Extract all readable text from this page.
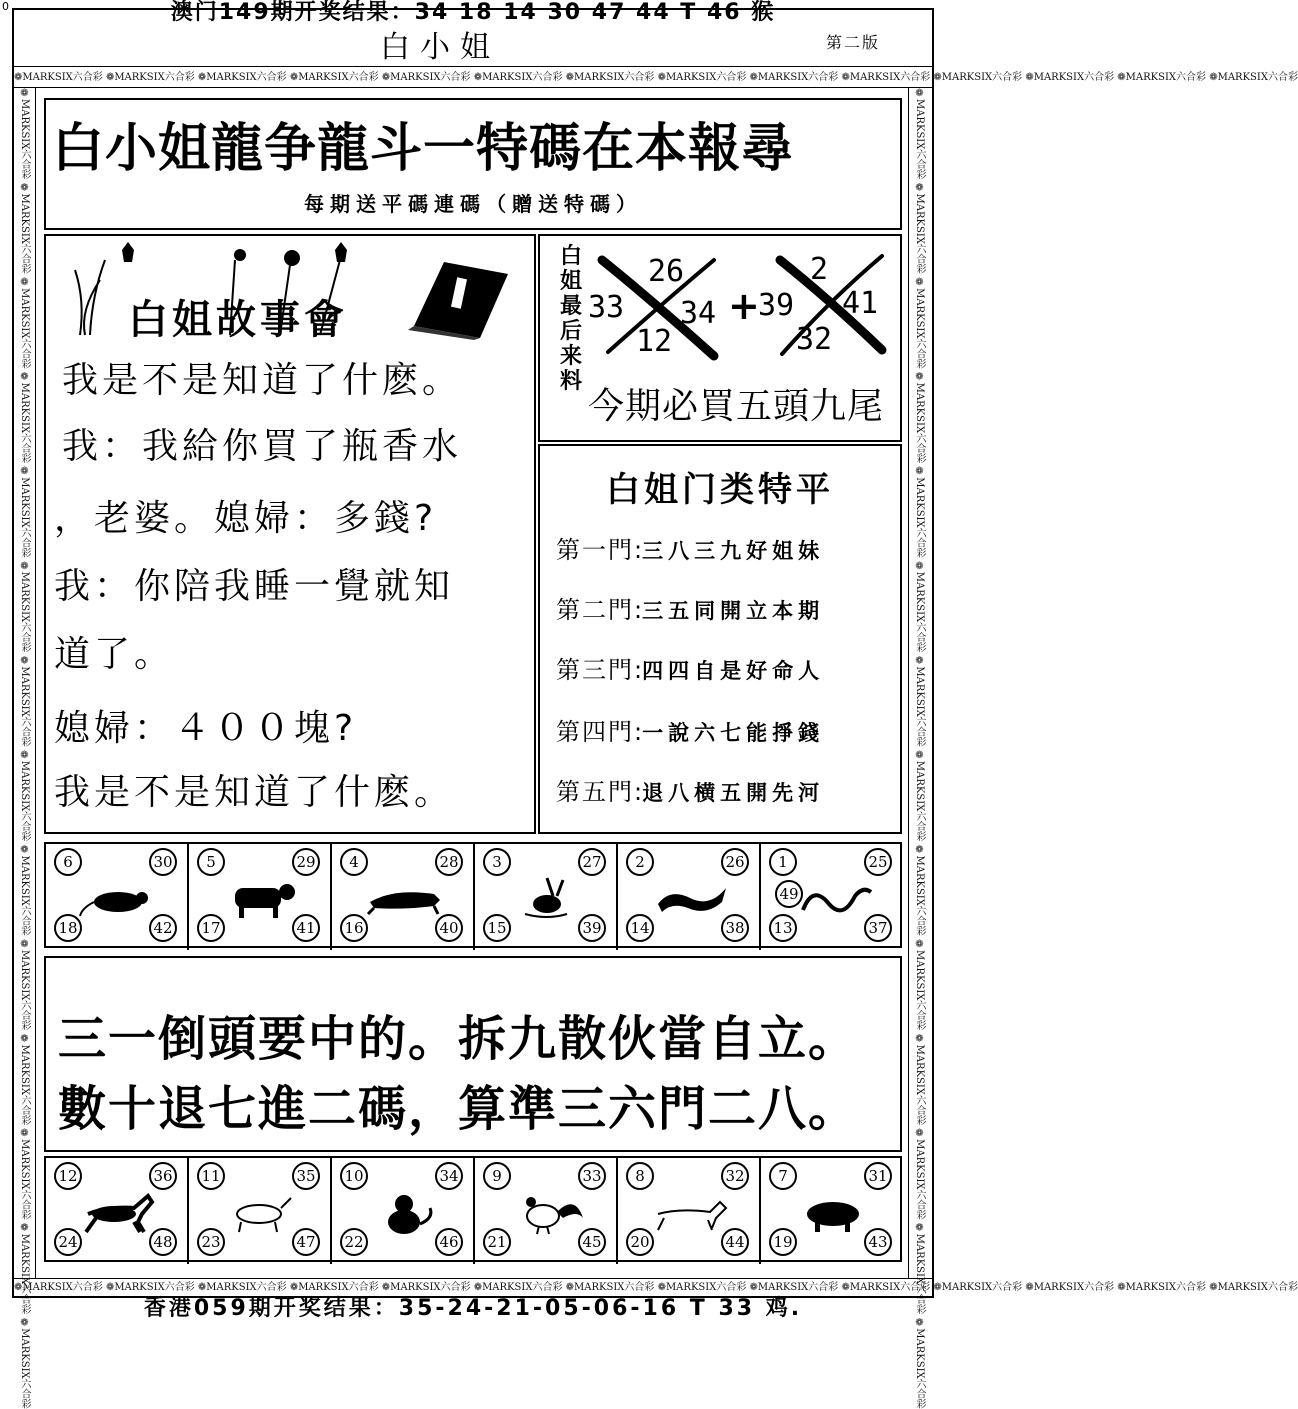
0	澳门149期开奖结果：34 18 14 30 47 44 T 46 猴
白小姐	第二版
❁MARKSIX六合彩 ❁MARKSIX六合彩 ❁MARKSIX六合彩 ❁MARKSIX六合彩 ❁MARKSIX六合彩 ❁MARKSIX六合彩 ❁MARKSIX六合彩 ❁MARKSIX六合彩 ❁MARKSIX六合彩 ❁MARKSIX六合彩 ❁MARKSIX六合彩 ❁MARKSIX六合彩 ❁MARKSIX六合彩 ❁MARKSIX六合彩
❁MARKSIX六合彩 ❁MARKSIX六合彩 ❁MARKSIX六合彩 ❁MARKSIX六合彩 ❁MARKSIX六合彩 ❁MARKSIX六合彩 ❁MARKSIX六合彩 ❁MARKSIX六合彩 ❁MARKSIX六合彩 ❁MARKSIX六合彩 ❁MARKSIX六合彩 ❁MARKSIX六合彩 ❁MARKSIX六合彩 ❁MARKSIX六合彩
❁MARKSIX六合彩 ❁MARKSIX六合彩 ❁MARKSIX六合彩 ❁MARKSIX六合彩 ❁MARKSIX六合彩 ❁MARKSIX六合彩 ❁MARKSIX六合彩 ❁MARKSIX六合彩 ❁MARKSIX六合彩 ❁MARKSIX六合彩 ❁MARKSIX六合彩 ❁MARKSIX六合彩 ❁MARKSIX六合彩 ❁MARKSIX六合彩	❁MARKSIX六合彩 ❁MARKSIX六合彩 ❁MARKSIX六合彩 ❁MARKSIX六合彩 ❁MARKSIX六合彩 ❁MARKSIX六合彩 ❁MARKSIX六合彩 ❁MARKSIX六合彩 ❁MARKSIX六合彩 ❁MARKSIX六合彩 ❁MARKSIX六合彩 ❁MARKSIX六合彩 ❁MARKSIX六合彩 ❁MARKSIX六合彩
白小姐龍争龍斗一特碼在本報尋
每期送平碼連碼（贈送特碼）
白姐故事會
我是不是知道了什麽。
我：我給你買了瓶香水
，老婆。媳婦：多錢?
我：你陪我睡一覺就知
道了。
媳婦：４００塊?
我是不是知道了什麽。
白姐最后来料
26
33 34
12
+
2
39 41
32
今期必買五頭九尾
白姐门类特平
第一門:三八三九好姐妹
第二門:三五同開立本期
第三門:四四自是好命人
第四門:一說六七能掙錢
第五門:退八横五開先河
6	30
18	42
5	29
17	41
4	28
16	40
3	27
15	39
2	26
14	38
1	25
13	37
49
三一倒頭要中的。拆九散伙當自立。
數十退七進二碼，算準三六門二八。
12	36
24	48
11	35
23	47
10	34
22	46
9	33
21	45
8	32
20	44
7	31
19	43
香港059期开奖结果：35-24-21-05-06-16 T 33 鸡.
